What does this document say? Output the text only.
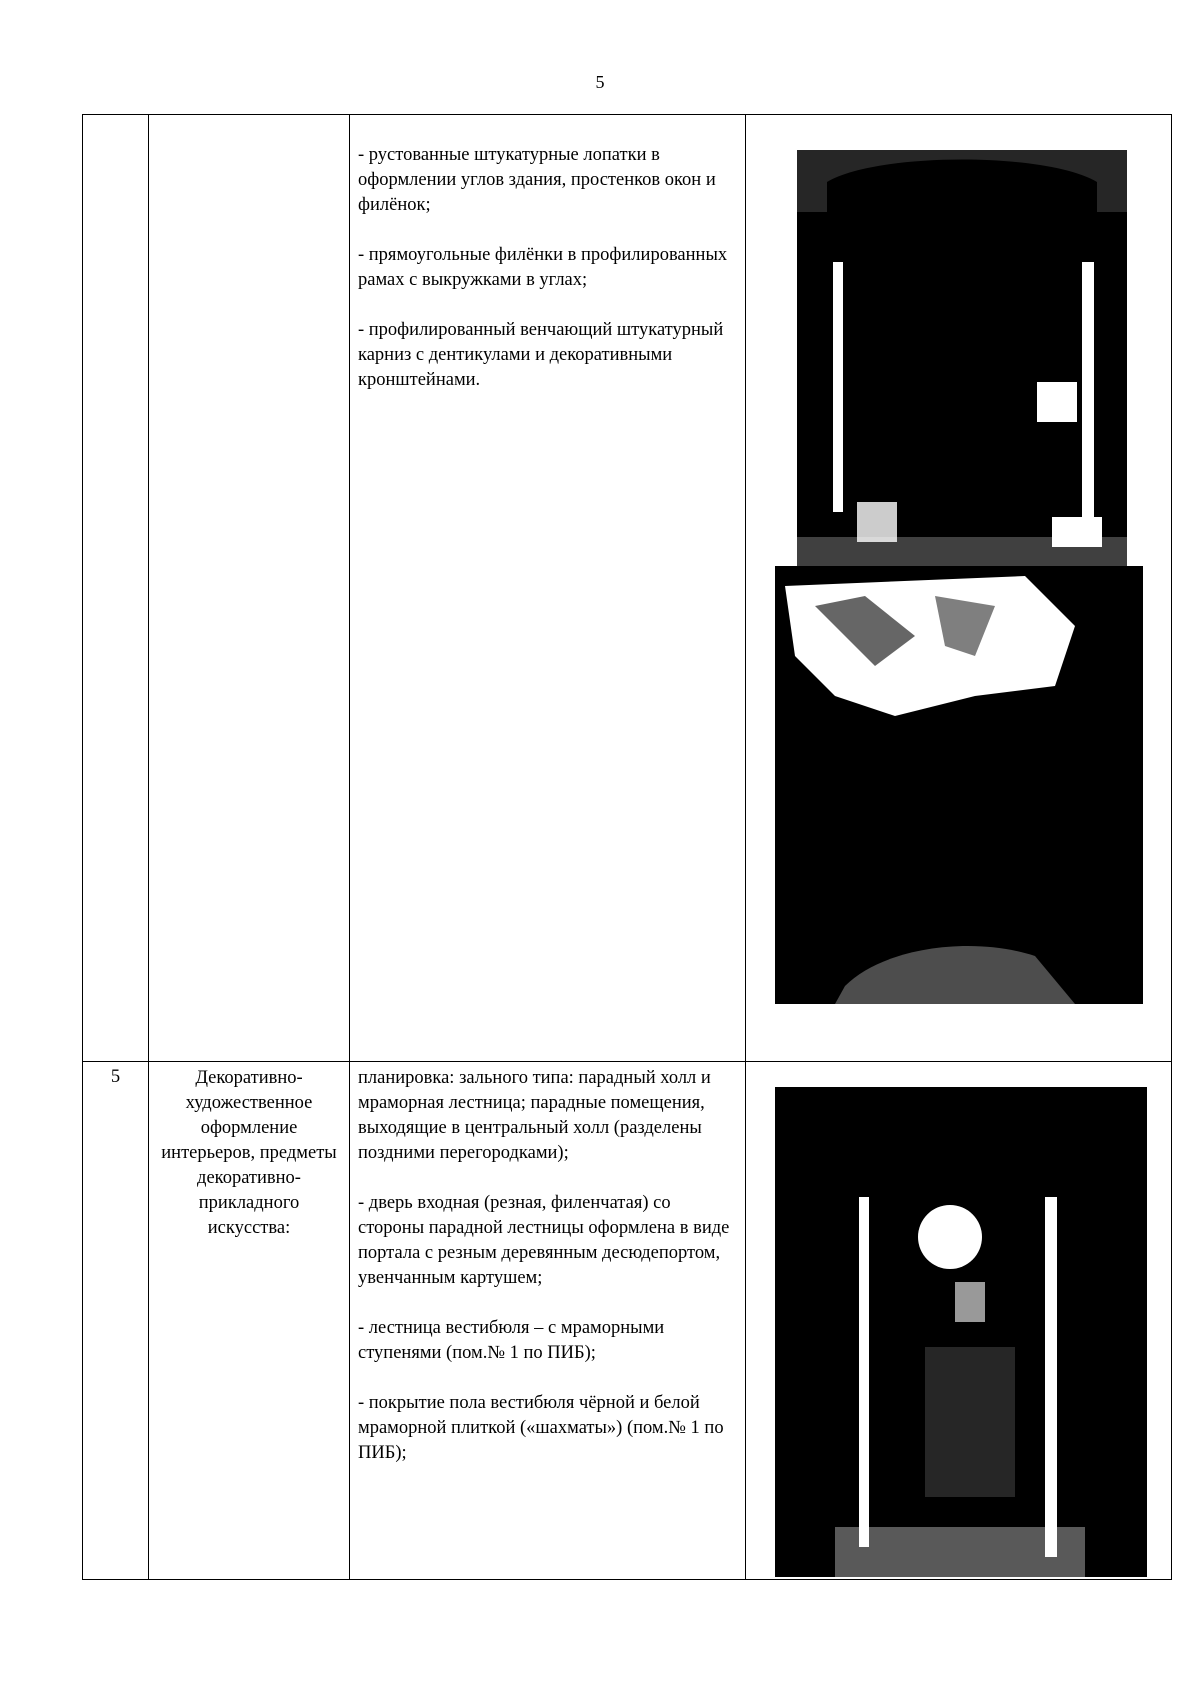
5

- рустованные штукатурные лопатки в оформлении углов здания, простенков окон и филёнок;

- прямоугольные филёнки в профилированных рамах с выкружками в углах;

- профилированный венчающий штукатурный карниз с дентикулами и декоративными кронштейнами.

5	Декоративно-художественное оформление интерьеров, предметы декоративно-прикладного искусства:

планировка: зального типа: парадный холл и мраморная лестница; парадные помещения, выходящие в центральный холл (разделены поздними перегородками);

- дверь входная (резная, филенчатая) со стороны парадной лестницы оформлена в виде портала с резным деревянным десюдепортом, увенчанным картушем;

- лестница вестибюля – с мраморными ступенями (пом.№ 1 по ПИБ);

- покрытие пола вестибюля чёрной и белой мраморной плиткой («шахматы») (пом.№ 1 по ПИБ);
